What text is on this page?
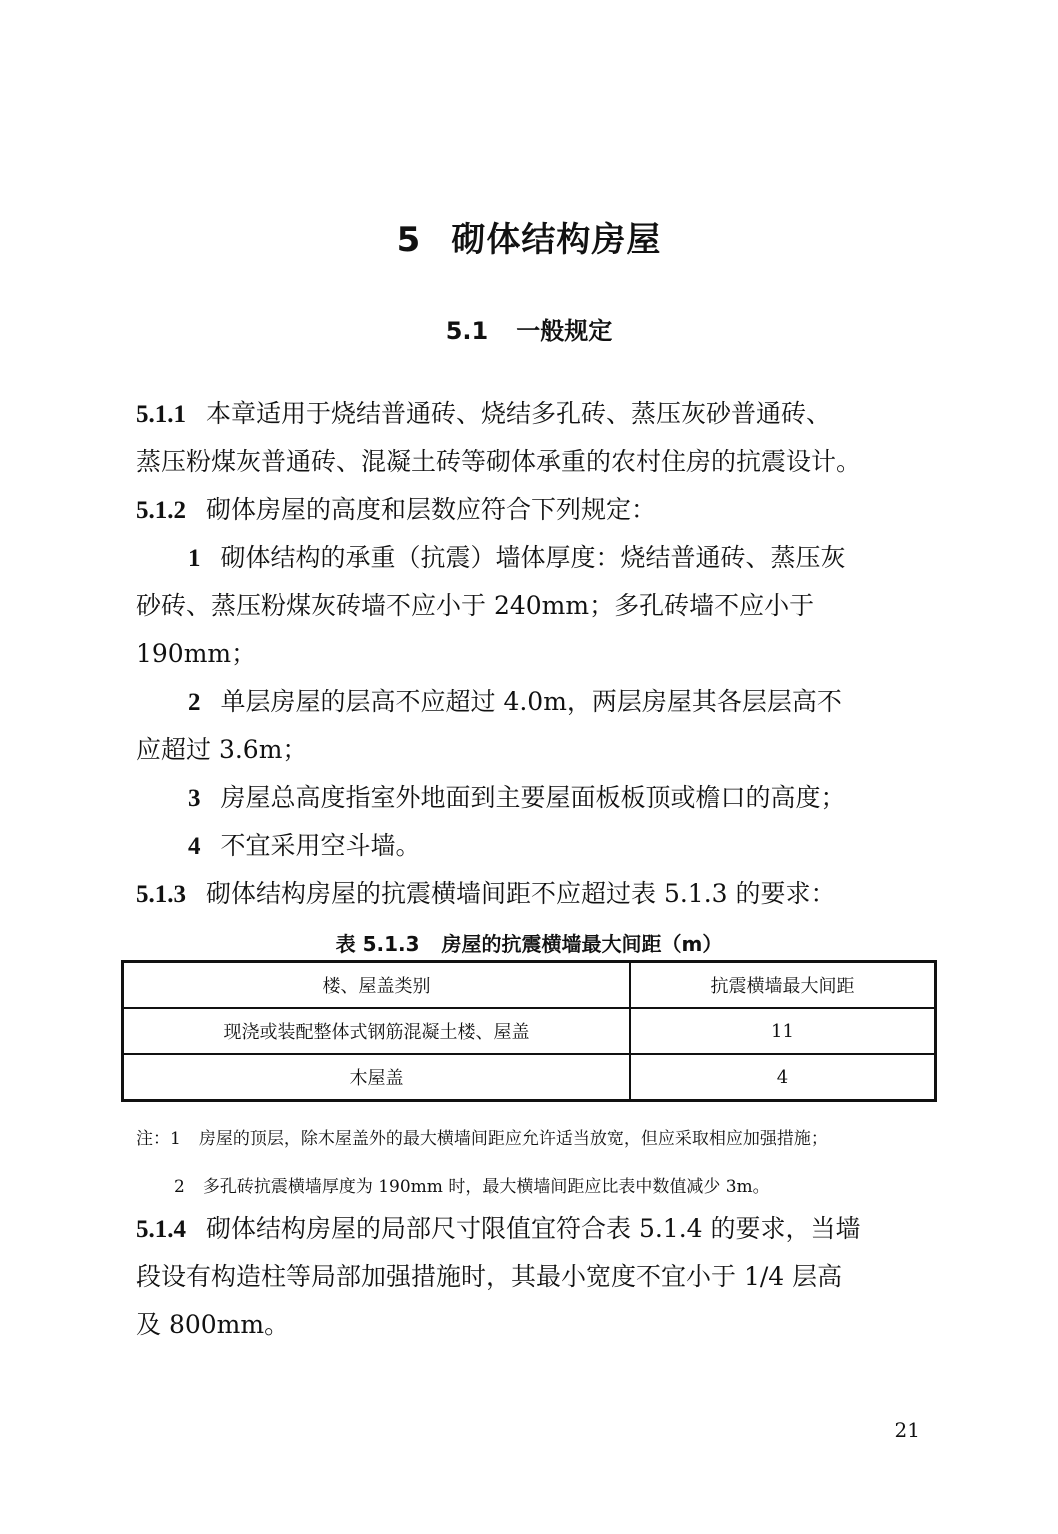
5 砌体结构房屋
5.1 一般规定
5.1.1 本章适用于烧结普通砖、烧结多孔砖、蒸压灰砂普通砖、
蒸压粉煤灰普通砖、混凝土砖等砌体承重的农村住房的抗震设计。
5.1.2 砌体房屋的高度和层数应符合下列规定：
1 砌体结构的承重（抗震）墙体厚度：烧结普通砖、蒸压灰
砂砖、蒸压粉煤灰砖墙不应小于 240mm；多孔砖墙不应小于
190mm；
2 单层房屋的层高不应超过 4.0m，两层房屋其各层层高不
应超过 3.6m；
3 房屋总高度指室外地面到主要屋面板板顶或檐口的高度；
4 不宜采用空斗墙。
5.1.3 砌体结构房屋的抗震横墙间距不应超过表 5.1.3 的要求：
表 5.1.3 房屋的抗震横墙最大间距（m）
楼、屋盖类别	抗震横墙最大间距
现浇或装配整体式钢筋混凝土楼、屋盖	11
木屋盖	4
注：1 房屋的顶层，除木屋盖外的最大横墙间距应允许适当放宽，但应采取相应加强措施；
2 多孔砖抗震横墙厚度为 190mm 时，最大横墙间距应比表中数值减少 3m。
5.1.4 砌体结构房屋的局部尺寸限值宜符合表 5.1.4 的要求，当墙
段设有构造柱等局部加强措施时，其最小宽度不宜小于 1/4 层高
及 800mm。
21
